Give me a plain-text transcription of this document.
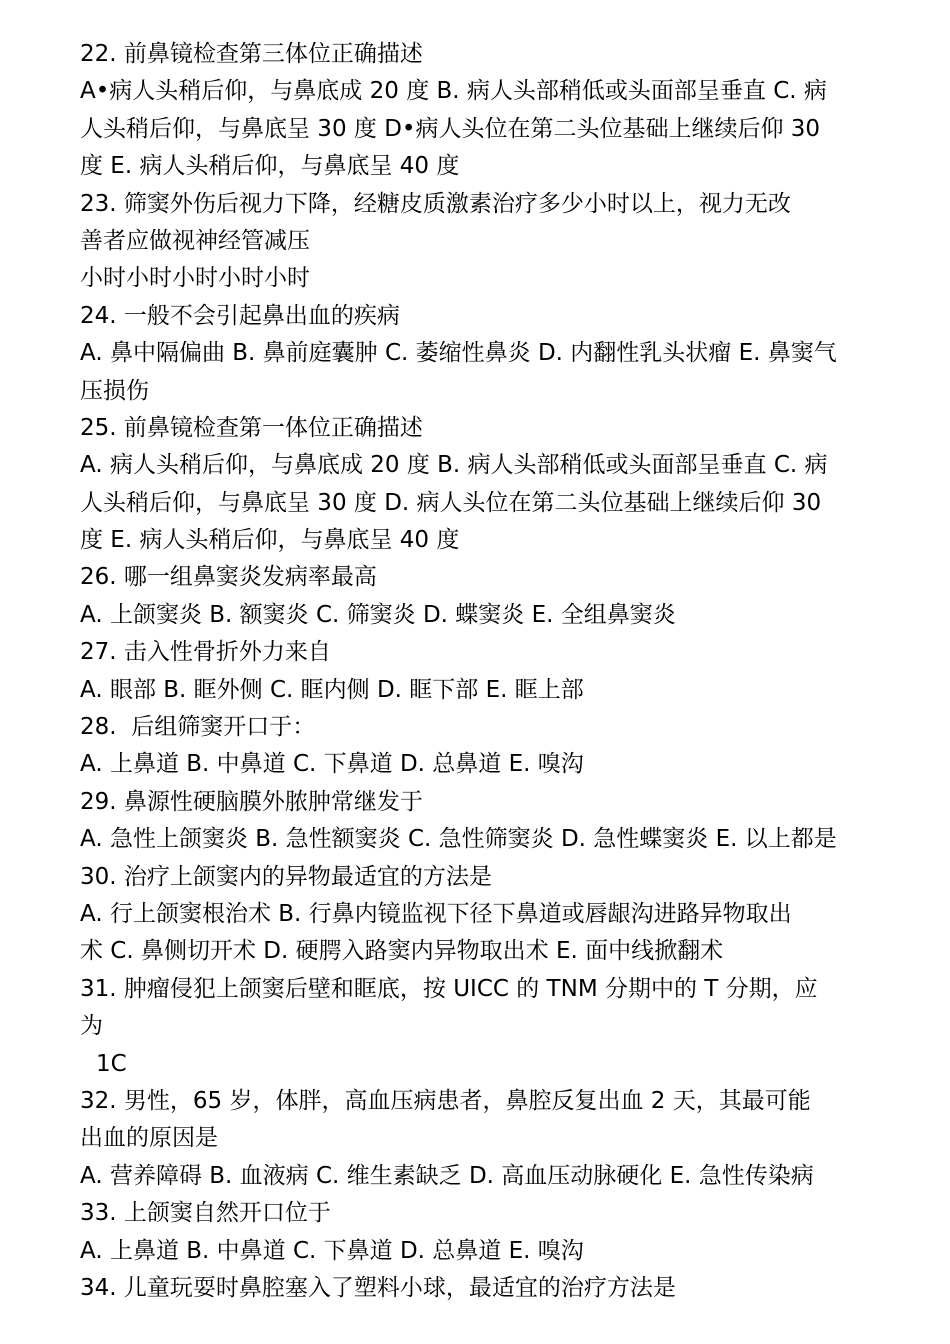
22. 前鼻镜检查第三体位正确描述
A•病人头稍后仰，与鼻底成 20 度 B. 病人头部稍低或头面部呈垂直 C. 病
人头稍后仰，与鼻底呈 30 度 D•病人头位在第二头位基础上继续后仰 30
度 E. 病人头稍后仰，与鼻底呈 40 度
23. 筛窦外伤后视力下降，经糖皮质激素治疗多少小时以上，视力无改
善者应做视神经管减压
小时小时小时小时小时
24. 一般不会引起鼻出血的疾病
A. 鼻中隔偏曲 B. 鼻前庭囊肿 C. 萎缩性鼻炎 D. 内翻性乳头状瘤 E. 鼻窦气
压损伤
25. 前鼻镜检查第一体位正确描述
A. 病人头稍后仰，与鼻底成 20 度 B. 病人头部稍低或头面部呈垂直 C. 病
人头稍后仰，与鼻底呈 30 度 D. 病人头位在第二头位基础上继续后仰 30
度 E. 病人头稍后仰，与鼻底呈 40 度
26. 哪一组鼻窦炎发病率最高
A. 上颌窦炎 B. 额窦炎 C. 筛窦炎 D. 蝶窦炎 E. 全组鼻窦炎
27. 击入性骨折外力来自
A. 眼部 B. 眶外侧 C. 眶内侧 D. 眶下部 E. 眶上部
28.  后组筛窦开口于：
A. 上鼻道 B. 中鼻道 C. 下鼻道 D. 总鼻道 E. 嗅沟
29. 鼻源性硬脑膜外脓肿常继发于
A. 急性上颌窦炎 B. 急性额窦炎 C. 急性筛窦炎 D. 急性蝶窦炎 E. 以上都是
30. 治疗上颌窦内的异物最适宜的方法是
A. 行上颌窦根治术 B. 行鼻内镜监视下径下鼻道或唇龈沟进路异物取出
术 C. 鼻侧切开术 D. 硬腭入路窦内异物取出术 E. 面中线掀翻术
31. 肿瘤侵犯上颌窦后壁和眶底，按 UICC 的 TNM 分期中的 T 分期，应
为
1C
32. 男性，65 岁，体胖，高血压病患者，鼻腔反复出血 2 天，其最可能
出血的原因是
A. 营养障碍 B. 血液病 C. 维生素缺乏 D. 高血压动脉硬化 E. 急性传染病
33. 上颌窦自然开口位于
A. 上鼻道 B. 中鼻道 C. 下鼻道 D. 总鼻道 E. 嗅沟
34. 儿童玩耍时鼻腔塞入了塑料小球，最适宜的治疗方法是
